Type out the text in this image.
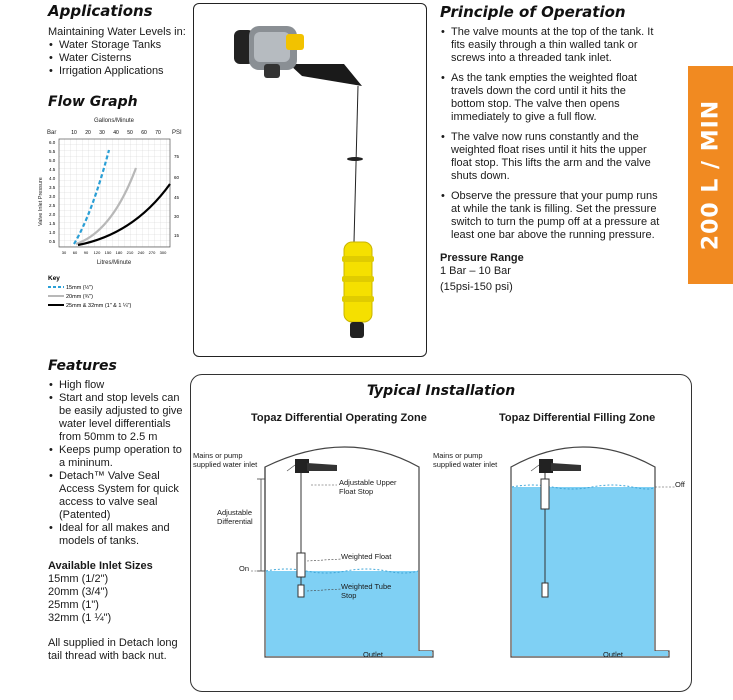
Applications
Maintaining Water Levels in:
• Water Storage Tanks
• Water Cisterns
• Irrigation Applications
Flow Graph
Gallons/Minute
Bar	PSI
10 20 30 40 50 60 70
6.0
5.5
5.0
4.5
4.0
3.5
3.0
2.5
2.0
1.5
1.0
0.5
75
60
45
30
15
Valve Inlet Pressure
30 60 90 120 150 180 210 240 270 300
Litres/Minute
Key
15mm (½")
20mm (¾")
25mm & 32mm (1" & 1 ¼")
Principle of Operation
• The valve mounts at the top of the tank. It fits easily through a thin walled tank or screws into a threaded tank inlet.
• As the tank empties the weighted float travels down the cord until it hits the bottom stop. The valve then opens immediately to give a full flow.
• The valve now runs constantly and the weighted float rises until it hits the upper float stop. This lifts the arm and the valve shuts down.
• Observe the pressure that your pump runs at while the tank is filling. Set the pressure switch to turn the pump off at a pressure at least one bar above the running pressure.
Pressure Range
1 Bar – 10 Bar
(15psi-150 psi)
200 L / MIN
Features
• High flow
• Start and stop levels can be easily adjusted to give water level differentials from 50mm to 2.5 m
• Keeps pump operation to a mininum.
• Detach™ Valve Seal Access System for quick access to valve seal (Patented)
• Ideal for all makes and models of tanks.
Available Inlet Sizes
15mm (1/2")
20mm (3/4")
25mm (1")
32mm (1 ¼")
All supplied in Detach long tail thread with back nut.
Typical Installation
Topaz Differential Operating Zone	Topaz Differential Filling Zone
Mains or pump supplied water inlet
Adjustable Upper Float Stop
Adjustable Differential
Weighted Float
On
Weighted Tube Stop
Outlet
Mains or pump supplied water inlet
Off
Outlet
